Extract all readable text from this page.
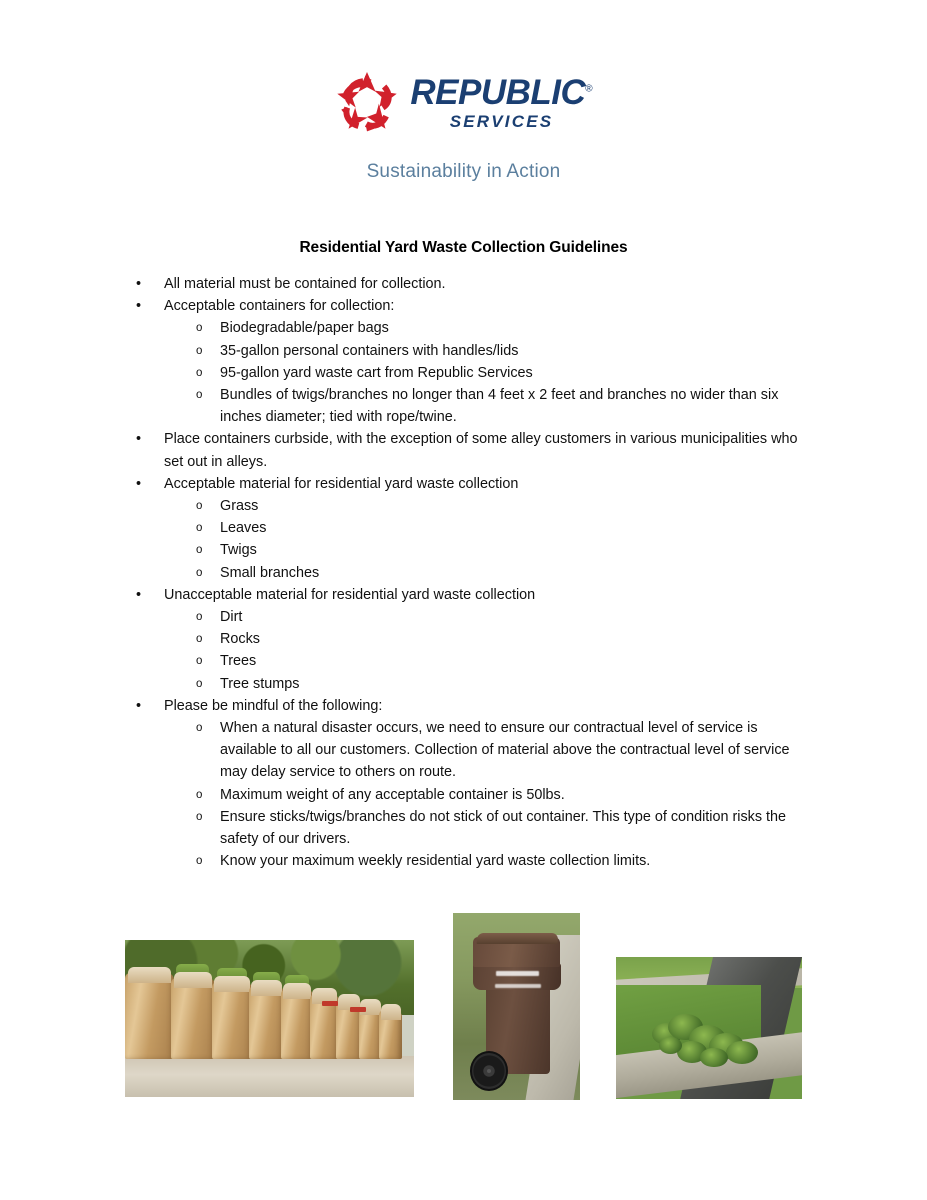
REPUBLIC®
SERVICES
Sustainability in Action
Residential Yard Waste Collection Guidelines
•	All material must be contained for collection.
•	Acceptable containers for collection:
o Biodegradable/paper bags
o 35-gallon personal containers with handles/lids
o 95-gallon yard waste cart from Republic Services
o Bundles of twigs/branches no longer than 4 feet x 2 feet and branches no wider than six inches diameter; tied with rope/twine.
•	Place containers curbside, with the exception of some alley customers in various municipalities who set out in alleys.
•	Acceptable material for residential yard waste collection
o Grass
o Leaves
o Twigs
o Small branches
•	Unacceptable material for residential yard waste collection
o Dirt
o Rocks
o Trees
o Tree stumps
•	Please be mindful of the following:
o When a natural disaster occurs, we need to ensure our contractual level of service is available to all our customers. Collection of material above the contractual level of service may delay service to others on route.
o Maximum weight of any acceptable container is 50lbs.
o Ensure sticks/twigs/branches do not stick of out container. This type of condition risks the safety of our drivers.
o Know your maximum weekly residential yard waste collection limits.
